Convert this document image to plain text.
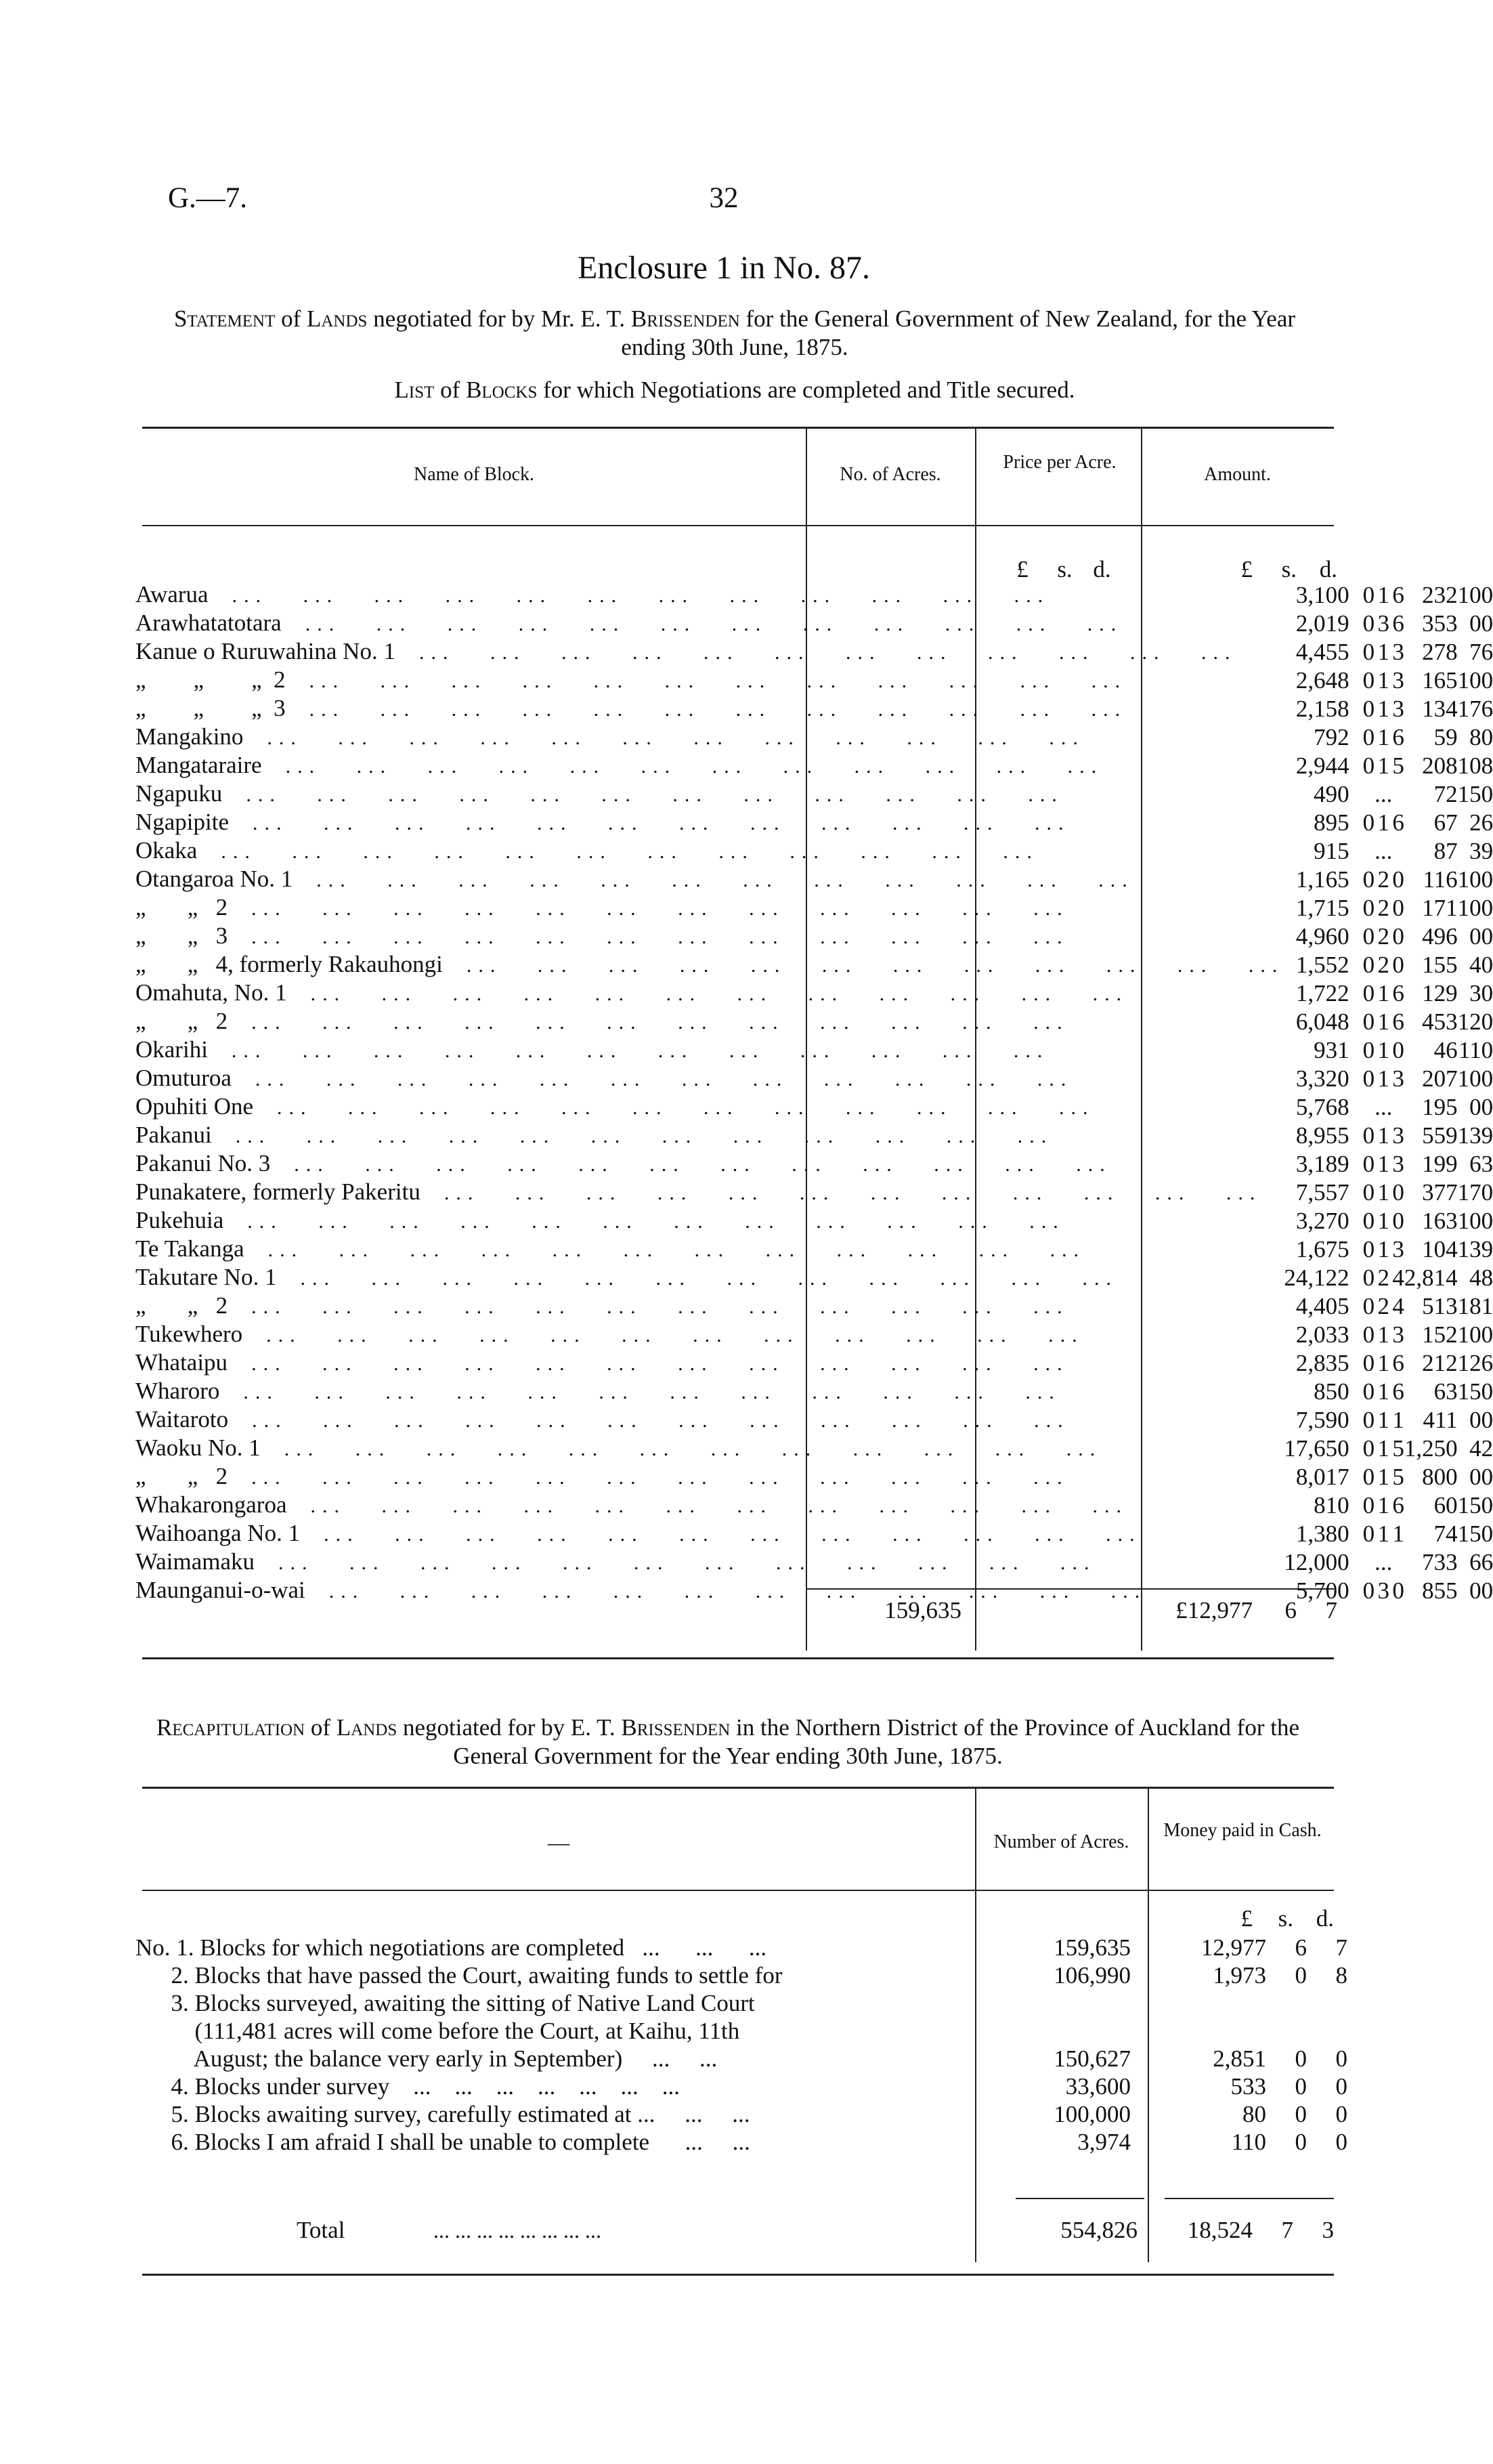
G.—7.	32
Enclosure 1 in No. 87.
Statement of Lands negotiated for by Mr. E. T. Brissenden for the General Government of New Zealand, for the Year ending 30th June, 1875.
List of Blocks for which Negotiations are completed and Title secured.
Name of Block.	No. of Acres.
Price per Acre.
Amount.
£	s. d.	£	s. d.
Awarua  ...   ...   ...   ...   ...   ...   ...   ...   ...   ...   ...   ...	3,100		0	1	6		232	10	0
Arawhatatotara  ...   ...   ...   ...   ...   ...   ...   ...   ...   ...   ...   ...	2,019		0	3	6		353	0	0
Kanue o Ruruwahina No. 1  ...   ...   ...   ...   ...   ...   ...   ...   ...   ...   ...   ...	4,455		0	1	3		278	7	6
„        „        „  2  ...   ...   ...   ...   ...   ...   ...   ...   ...   ...   ...   ...	2,648		0	1	3		165	10	0
„        „        „  3  ...   ...   ...   ...   ...   ...   ...   ...   ...   ...   ...   ...	2,158		0	1	3		134	17	6
Mangakino  ...   ...   ...   ...   ...   ...   ...   ...   ...   ...   ...   ...	792		0	1	6		59	8	0
Mangataraire  ...   ...   ...   ...   ...   ...   ...   ...   ...   ...   ...   ...	2,944		0	1	5		208	10	8
Ngapuku  ...   ...   ...   ...   ...   ...   ...   ...   ...   ...   ...   ...	490			...			72	15	0
Ngapipite  ...   ...   ...   ...   ...   ...   ...   ...   ...   ...   ...   ...	895		0	1	6		67	2	6
Okaka  ...   ...   ...   ...   ...   ...   ...   ...   ...   ...   ...   ...	915			...			87	3	9
Otangaroa No. 1  ...   ...   ...   ...   ...   ...   ...   ...   ...   ...   ...   ...	1,165		0	2	0		116	10	0
„       „   2  ...   ...   ...   ...   ...   ...   ...   ...   ...   ...   ...   ...	1,715		0	2	0		171	10	0
„       „   3  ...   ...   ...   ...   ...   ...   ...   ...   ...   ...   ...   ...	4,960		0	2	0		496	0	0
„       „   4, formerly Rakauhongi  ...   ...   ...   ...   ...   ...   ...   ...   ...   ...   ...   ...	1,552		0	2	0		155	4	0
Omahuta, No. 1  ...   ...   ...   ...   ...   ...   ...   ...   ...   ...   ...   ...	1,722		0	1	6		129	3	0
„       „   2  ...   ...   ...   ...   ...   ...   ...   ...   ...   ...   ...   ...	6,048		0	1	6		453	12	0
Okarihi  ...   ...   ...   ...   ...   ...   ...   ...   ...   ...   ...   ...	931		0	1	0		46	11	0
Omuturoa  ...   ...   ...   ...   ...   ...   ...   ...   ...   ...   ...   ...	3,320		0	1	3		207	10	0
Opuhiti One  ...   ...   ...   ...   ...   ...   ...   ...   ...   ...   ...   ...	5,768			...			195	0	0
Pakanui  ...   ...   ...   ...   ...   ...   ...   ...   ...   ...   ...   ...	8,955		0	1	3		559	13	9
Pakanui No. 3  ...   ...   ...   ...   ...   ...   ...   ...   ...   ...   ...   ...	3,189		0	1	3		199	6	3
Punakatere, formerly Pakeritu  ...   ...   ...   ...   ...   ...   ...   ...   ...   ...   ...   ...	7,557		0	1	0		377	17	0
Pukehuia  ...   ...   ...   ...   ...   ...   ...   ...   ...   ...   ...   ...	3,270		0	1	0		163	10	0
Te Takanga  ...   ...   ...   ...   ...   ...   ...   ...   ...   ...   ...   ...	1,675		0	1	3		104	13	9
Takutare No. 1  ...   ...   ...   ...   ...   ...   ...   ...   ...   ...   ...   ...	24,122		0	2	4		2,814	4	8
„       „   2  ...   ...   ...   ...   ...   ...   ...   ...   ...   ...   ...   ...	4,405		0	2	4		513	18	1
Tukewhero  ...   ...   ...   ...   ...   ...   ...   ...   ...   ...   ...   ...	2,033		0	1	3		152	10	0
Whataipu  ...   ...   ...   ...   ...   ...   ...   ...   ...   ...   ...   ...	2,835		0	1	6		212	12	6
Wharoro  ...   ...   ...   ...   ...   ...   ...   ...   ...   ...   ...   ...	850		0	1	6		63	15	0
Waitaroto  ...   ...   ...   ...   ...   ...   ...   ...   ...   ...   ...   ...	7,590		0	1	1		411	0	0
Waoku No. 1  ...   ...   ...   ...   ...   ...   ...   ...   ...   ...   ...   ...	17,650		0	1	5		1,250	4	2
„       „   2  ...   ...   ...   ...   ...   ...   ...   ...   ...   ...   ...   ...	8,017		0	1	5		800	0	0
Whakarongaroa  ...   ...   ...   ...   ...   ...   ...   ...   ...   ...   ...   ...	810		0	1	6		60	15	0
Waihoanga No. 1  ...   ...   ...   ...   ...   ...   ...   ...   ...   ...   ...   ...	1,380		0	1	1		74	15	0
Waimamaku  ...   ...   ...   ...   ...   ...   ...   ...   ...   ...   ...   ...	12,000			...			733	6	6
Maunganui-o-wai  ...   ...   ...   ...   ...   ...   ...   ...   ...   ...   ...   ...	5,700		0	3	0		855	0	0
159,635	£12,977	6	7
Recapitulation of Lands negotiated for by E. T. Brissenden in the Northern District of the Province of Auckland for the General Government for the Year ending 30th June, 1875.
—	Number of Acres.
Money paid in Cash.
£	s. d.
No. 1. Blocks for which negotiations are completed   ...      ...      ...	159,635	12,977	6	7
2. Blocks that have passed the Court, awaiting funds to settle for	106,990	1,973	0	8
3. Blocks surveyed, awaiting the sitting of Native Land Court				
(111,481 acres will come before the Court, at Kaihu, 11th				
August; the balance very early in September)     ...     ...	150,627	2,851	0	0
4. Blocks under survey    ...    ...    ...    ...    ...    ...    ...	33,600	533	0	0
5. Blocks awaiting survey, carefully estimated at ...     ...     ...	100,000	80	0	0
6. Blocks I am afraid I shall be unable to complete      ...     ...	3,974	110	0	0
Total	... ... ... ... ... ... ... ...	554,826	18,524	7	3
